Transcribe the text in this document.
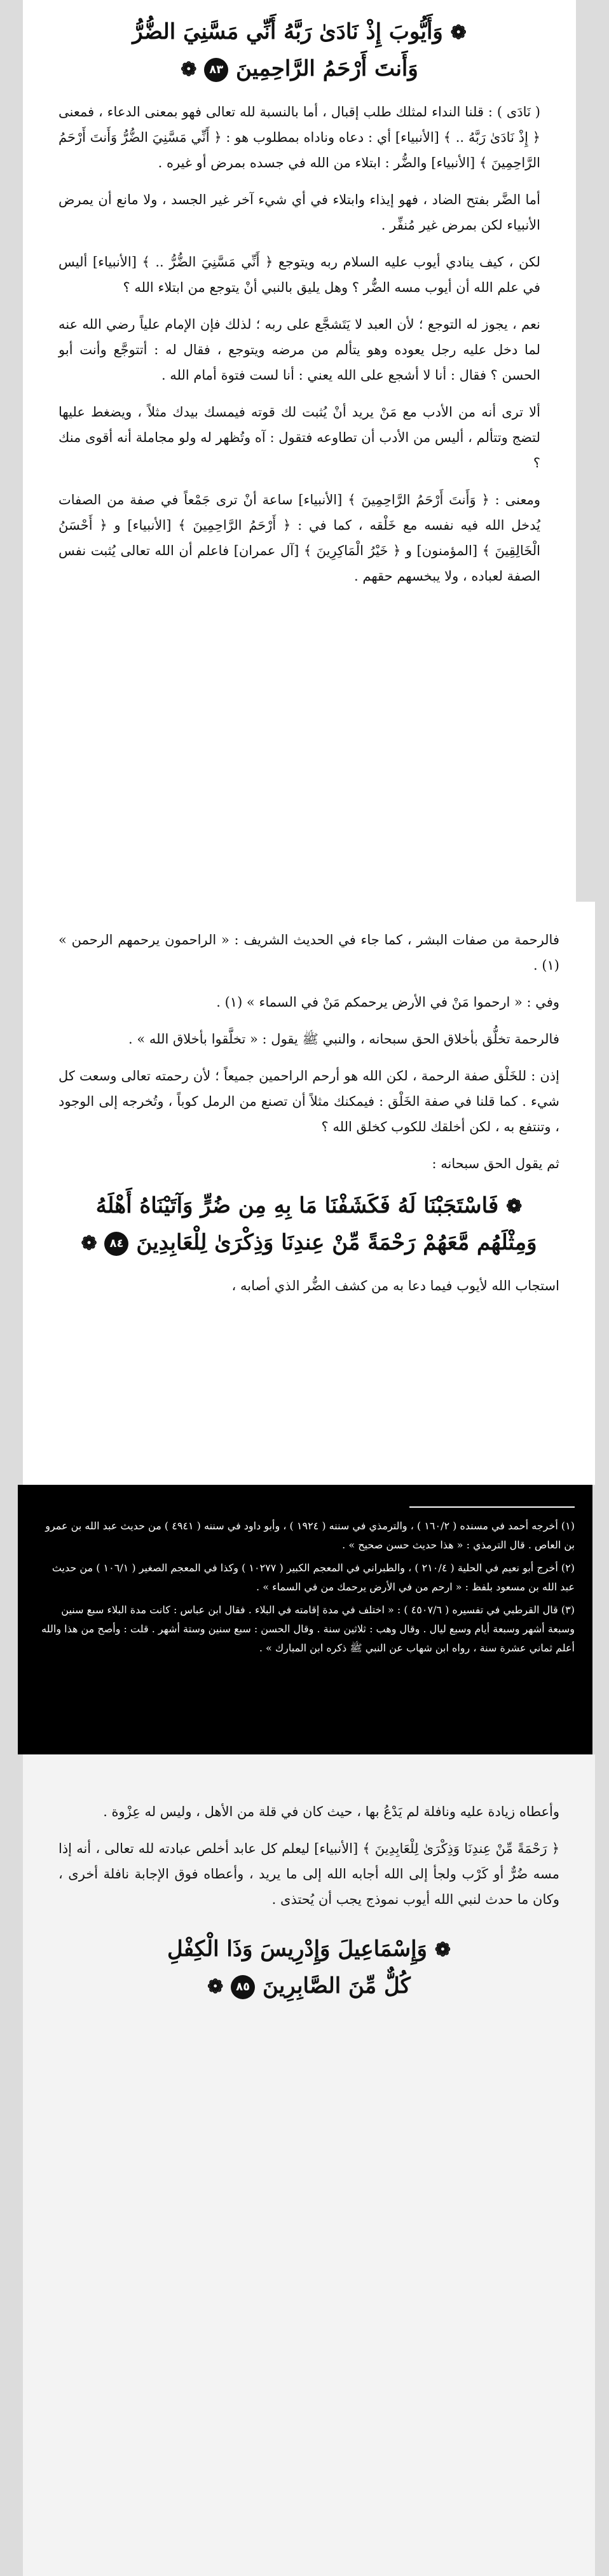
❁ وَأَيُّوبَ إِذْ نَادَىٰ رَبَّهُ أَنِّي مَسَّنِيَ الضُّرُّ
وَأَنتَ أَرْحَمُ الرَّاحِمِينَ ٨٣ ❁

( نَادَى ) : قلنا النداء لمثلك طلب إقبال ، أما بالنسبة لله تعالى فهو بمعنى الدعاء ، فمعنى ﴿ إِذْ نَادَىٰ رَبَّهُ .. ﴾ [الأنبياء] أي : دعاه وناداه بمطلوب هو : ﴿ أَنِّي مَسَّنِيَ الضُّرُّ وَأَنتَ أَرْحَمُ الرَّاحِمِينَ ﴾ [الأنبياء] والضُّر : ابتلاء من الله في جسده بمرض أو غيره .

أما الضَّر بفتح الضاد ، فهو إيذاء وابتلاء في أي شيء آخر غير الجسد ، ولا مانع أن يمرض الأنبياء لكن بمرض غير مُنفِّر .

لكن ، كيف ينادي أيوب عليه السلام ربه ويتوجع ﴿ أَنِّي مَسَّنِيَ الضُّرُّ .. ﴾ [الأنبياء] أليس في علم الله أن أيوب مسه الضُّر ؟ وهل يليق بالنبي أنْ يتوجع من ابتلاء الله ؟

نعم ، يجوز له التوجع ؛ لأن العبد لا يَتَشجَّع على ربه ؛ لذلك فإن الإمام علياً رضي الله عنه لما دخل عليه رجل يعوده وهو يتألم من مرضه ويتوجع ، فقال له : أتتوجَّع وأنت أبو الحسن ؟ فقال : أنا لا أشجع على الله يعني : أنا لست فتوة أمام الله .

ألا ترى أنه من الأدب مع مَنْ يريد أنْ يُثبت لك قوته فيمسك بيدك مثلاً ، ويضغط عليها لتضج وتتألم ، أليس من الأدب أن تطاوعه فتقول : آه وتُظهر له ولو مجاملة أنه أقوى منك ؟

ومعنى : ﴿ وَأَنتَ أَرْحَمُ الرَّاحِمِينَ ﴾ [الأنبياء] ساعة أنْ ترى جَمْعاً في صفة من الصفات يُدخل الله فيه نفسه مع خَلْقه ، كما في : ﴿ أَرْحَمُ الرَّاحِمِينَ ﴾ [الأنبياء] و ﴿ أَحْسَنُ الْخَالِقِينَ ﴾ [المؤمنون] و ﴿ خَيْرُ الْمَاكِرِينَ ﴾ [آل عمران] فاعلم أن الله تعالى يُثبت نفس الصفة لعباده ، ولا يبخسهم حقهم .

فالرحمة من صفات البشر ، كما جاء في الحديث الشريف : « الراحمون يرحمهم الرحمن » (١) .

وفي : « ارحموا مَنْ في الأرض يرحمكم مَنْ في السماء » (١) .

فالرحمة تخلُّق بأخلاق الحق سبحانه ، والنبي ﷺ يقول : « تخلَّقوا بأخلاق الله » .

إذن : للخَلْق صفة الرحمة ، لكن الله هو أرحم الراحمين جميعاً ؛ لأن رحمته تعالى وسعت كل شيء . كما قلنا في صفة الخَلْق : فيمكنك مثلاً أن تصنع من الرمل كوباً ، وتُخرجه إلى الوجود ، وتنتفع به ، لكن أخلقك للكوب كخلق الله ؟

ثم يقول الحق سبحانه :

❁ فَاسْتَجَبْنَا لَهُ فَكَشَفْنَا مَا بِهِ مِن ضُرٍّ وَآتَيْنَاهُ أَهْلَهُ
وَمِثْلَهُم مَّعَهُمْ رَحْمَةً مِّنْ عِندِنَا وَذِكْرَىٰ لِلْعَابِدِينَ ٨٤ ❁

استجاب الله لأيوب فيما دعا به من كشف الضُّر الذي أصابه ،

(١) أخرجه أحمد في مسنده ( ١٦٠/٢ ) ، والترمذي في سننه ( ١٩٢٤ ) ، وأبو داود في سننه ( ٤٩٤١ ) من حديث عبد الله بن عمرو بن العاص . قال الترمذي : « هذا حديث حسن صحيح » .

(٢) أخرج أبو نعيم في الحلية ( ٢١٠/٤ ) ، والطبراني في المعجم الكبير ( ١٠٢٧٧ ) وكذا في المعجم الصغير ( ١٠٦/١ ) من حديث عبد الله بن مسعود بلفظ : « ارحم من في الأرض يرحمك من في السماء » .

(٣) قال القرطبي في تفسيره ( ٤٥٠٧/٦ ) : « اختلف في مدة إقامته في البلاء . فقال ابن عباس : كانت مدة البلاء سبع سنين وسبعة أشهر وسبعة أيام وسبع ليال . وقال وهب : ثلاثين سنة . وقال الحسن : سبع سنين وستة أشهر . قلت : وأصح من هذا والله أعلم ثماني عشرة سنة ، رواه ابن شهاب عن النبي ﷺ ذكره ابن المبارك » .

وأعطاه زيادة عليه ونافلة لم يَدْعُ بها ، حيث كان في قلة من الأهل ، وليس له عِزْوة .

﴿ رَحْمَةً مِّنْ عِندِنَا وَذِكْرَىٰ لِلْعَابِدِينَ ﴾ [الأنبياء] ليعلم كل عابد أخلص عبادته لله تعالى ، أنه إذا مسه ضُرٌّ أو كَرْب ولجأ إلى الله أجابه الله إلى ما يريد ، وأعطاه فوق الإجابة نافلة أخرى ، وكان ما حدث لنبي الله أيوب نموذج يجب أن يُحتذى .

❁ وَإِسْمَاعِيلَ وَإِدْرِيسَ وَذَا الْكِفْلِ
كُلٌّ مِّنَ الصَّابِرِينَ ٨٥ ❁
